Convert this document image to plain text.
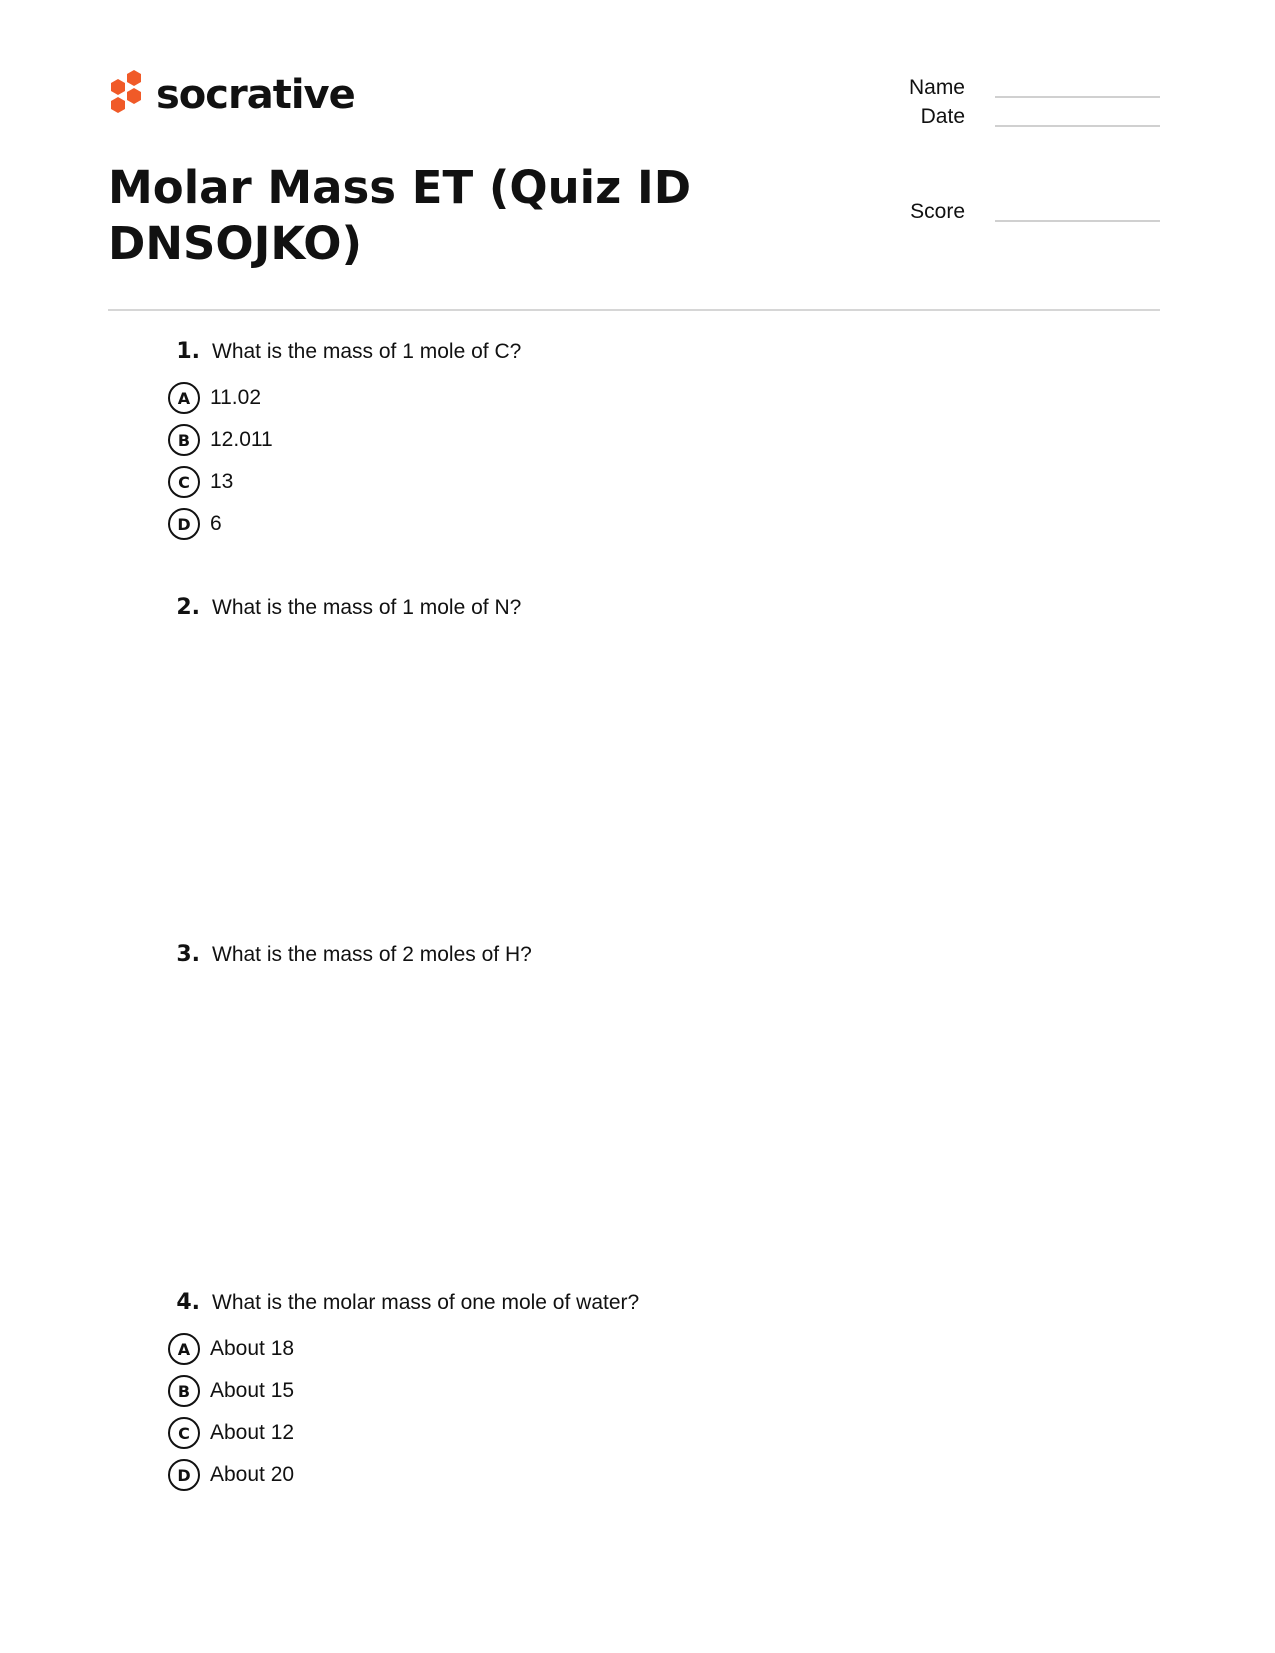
socrative	Name
Date
Score
Molar Mass ET (Quiz ID DNSOJKO)
1. What is the mass of 1 mole of C?
A 11.02
B 12.011
C 13
D 6
2. What is the mass of 1 mole of N?
3. What is the mass of 2 moles of H?
4. What is the molar mass of one mole of water?
A About 18
B About 15
C About 12
D About 20
